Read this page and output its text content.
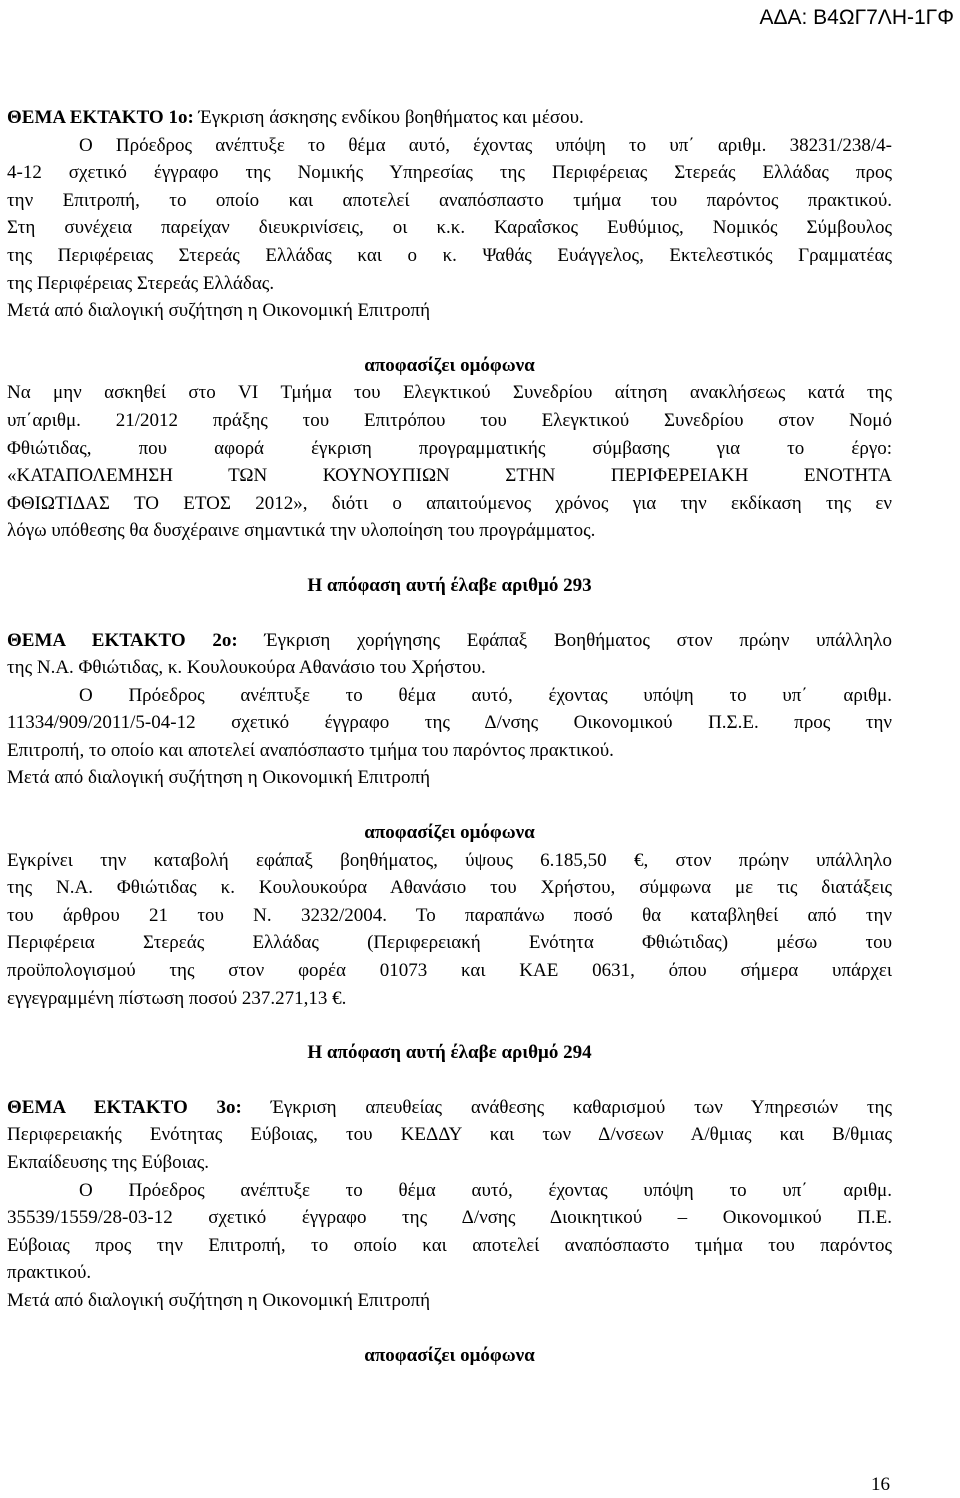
ΑΔΑ: Β4ΩΓ7ΛΗ-1ΓΦ
ΘΕΜΑ ΕΚΤΑΚΤΟ 1ο: Έγκριση άσκησης ενδίκου βοηθήματος και μέσου.
Ο Πρόεδρος ανέπτυξε το θέμα αυτό, έχοντας υπόψη το υπ΄ αριθμ. 38231/238/4-
4-12 σχετικό έγγραφο της Νομικής Υπηρεσίας της Περιφέρειας Στερεάς Ελλάδας προς
την Επιτροπή, το οποίο και αποτελεί αναπόσπαστο τμήμα του παρόντος πρακτικού.
Στη συνέχεια παρείχαν διευκρινίσεις, οι κ.κ. Καραΐσκος Ευθύμιος, Νομικός Σύμβουλος
της Περιφέρειας Στερεάς Ελλάδας και ο κ. Ψαθάς Ευάγγελος, Εκτελεστικός Γραμματέας
της Περιφέρειας Στερεάς Ελλάδας.
Μετά από διαλογική συζήτηση η Οικονομική Επιτροπή

αποφασίζει ομόφωνα

Να μην ασκηθεί στο VI Τμήμα του Ελεγκτικού Συνεδρίου αίτηση ανακλήσεως κατά της
υπ΄αριθμ. 21/2012 πράξης του Επιτρόπου του Ελεγκτικού Συνεδρίου στον Νομό
Φθιώτιδας, που αφορά έγκριση προγραμματικής σύμβασης για το έργο:
«ΚΑΤΑΠΟΛΕΜΗΣΗ ΤΩΝ ΚΟΥΝΟΥΠΙΩΝ ΣΤΗΝ ΠΕΡΙΦΕΡΕΙΑΚΗ ΕΝΟΤΗΤΑ
ΦΘΙΩΤΙΔΑΣ ΤΟ ΕΤΟΣ 2012», διότι ο απαιτούμενος χρόνος για την εκδίκαση της εν
λόγω υπόθεσης θα δυσχέραινε σημαντικά την υλοποίηση του προγράμματος.

Η απόφαση αυτή έλαβε αριθμό 293

ΘΕΜΑ ΕΚΤΑΚΤΟ 2ο: Έγκριση χορήγησης Εφάπαξ Βοηθήματος στον πρώην υπάλληλο
της Ν.Α. Φθιώτιδας, κ. Κουλουκούρα Αθανάσιο του Χρήστου.
Ο Πρόεδρος ανέπτυξε το θέμα αυτό, έχοντας υπόψη το υπ΄ αριθμ.
11334/909/2011/5-04-12 σχετικό έγγραφο της Δ/νσης Οικονομικού Π.Σ.Ε. προς την
Επιτροπή, το οποίο και αποτελεί αναπόσπαστο τμήμα του παρόντος πρακτικού.
Μετά από διαλογική συζήτηση η Οικονομική Επιτροπή

αποφασίζει ομόφωνα

Εγκρίνει την καταβολή εφάπαξ βοηθήματος, ύψους 6.185,50 €, στον πρώην υπάλληλο
της Ν.Α. Φθιώτιδας κ. Κουλουκούρα Αθανάσιο του Χρήστου, σύμφωνα με τις διατάξεις
του άρθρου 21 του Ν. 3232/2004. Το παραπάνω ποσό θα καταβληθεί από την
Περιφέρεια Στερεάς Ελλάδας (Περιφερειακή Ενότητα Φθιώτιδας) μέσω του
προϋπολογισμού της στον φορέα 01073 και ΚΑΕ 0631, όπου σήμερα υπάρχει
εγγεγραμμένη πίστωση ποσού 237.271,13 €.

Η απόφαση αυτή έλαβε αριθμό 294

ΘΕΜΑ ΕΚΤΑΚΤΟ 3ο: Έγκριση απευθείας ανάθεσης καθαρισμού των Υπηρεσιών της
Περιφερειακής Ενότητας Εύβοιας, του ΚΕΔΔΥ και των Δ/νσεων Α/θμιας και Β/θμιας
Εκπαίδευσης της Εύβοιας.
Ο Πρόεδρος ανέπτυξε το θέμα αυτό, έχοντας υπόψη το υπ΄ αριθμ.
35539/1559/28-03-12 σχετικό έγγραφο της Δ/νσης Διοικητικού – Οικονομικού Π.Ε.
Εύβοιας προς την Επιτροπή, το οποίο και αποτελεί αναπόσπαστο τμήμα του παρόντος
πρακτικού.
Μετά από διαλογική συζήτηση η Οικονομική Επιτροπή

αποφασίζει ομόφωνα

16
